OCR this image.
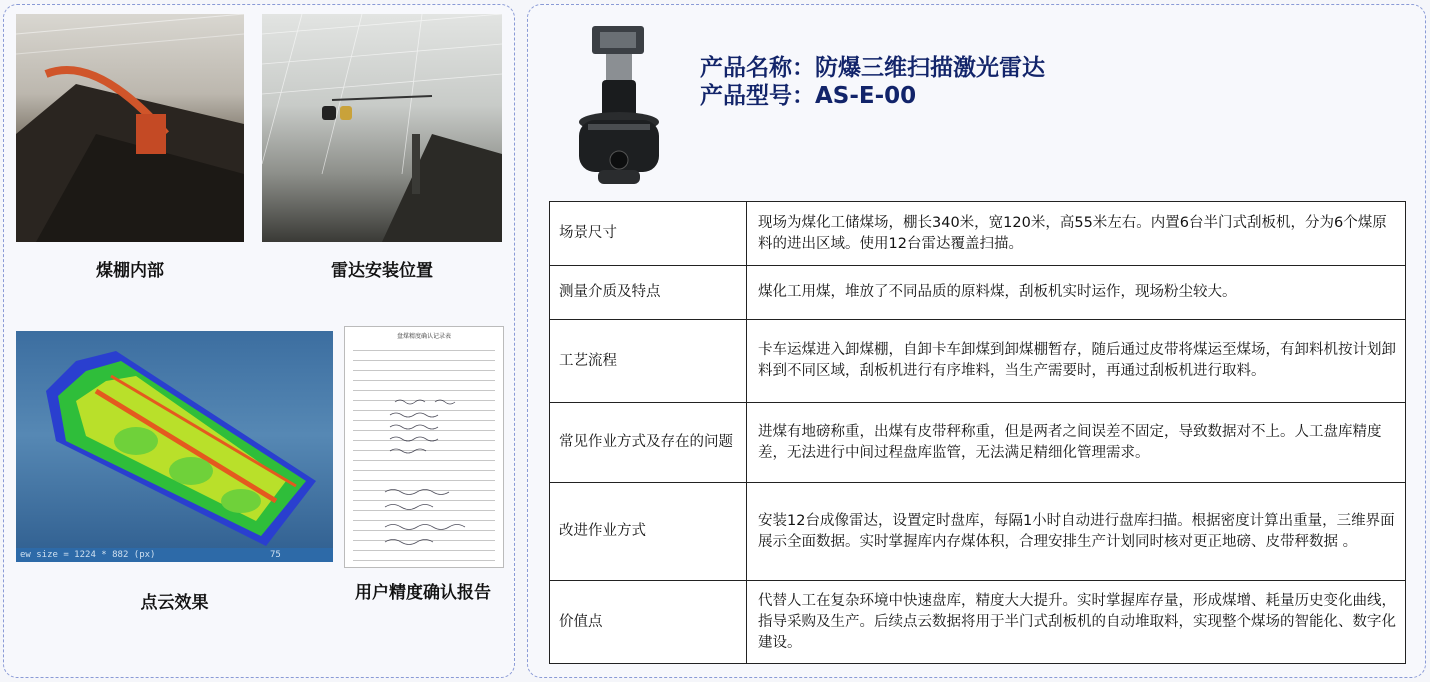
煤棚内部	雷达安装位置
ew size = 1224 * 882 (px)	75
点云效果
盘煤精度确认记录表
用户精度确认报告
产品名称：防爆三维扫描激光雷达
产品型号：AS-E-00
场景尺寸	现场为煤化工储煤场，棚长340米，宽120米，高55米左右。内置6台半门式刮板机，分为6个煤原料的进出区域。使用12台雷达覆盖扫描。
测量介质及特点	煤化工用煤，堆放了不同品质的原料煤，刮板机实时运作，现场粉尘较大。
工艺流程	卡车运煤进入卸煤棚，自卸卡车卸煤到卸煤棚暂存，随后通过皮带将煤运至煤场，有卸料机按计划卸料到不同区域，刮板机进行有序堆料，当生产需要时，再通过刮板机进行取料。
常见作业方式及存在的问题	进煤有地磅称重，出煤有皮带秤称重，但是两者之间误差不固定，导致数据对不上。人工盘库精度差，无法进行中间过程盘库监管，无法满足精细化管理需求。
改进作业方式	安装12台成像雷达，设置定时盘库，每隔1小时自动进行盘库扫描。根据密度计算出重量，三维界面展示全面数据。实时掌握库内存煤体积，合理安排生产计划同时核对更正地磅、皮带秤数据 。
价值点	代替人工在复杂环境中快速盘库，精度大大提升。实时掌握库存量，形成煤增、耗量历史变化曲线，指导采购及生产。后续点云数据将用于半门式刮板机的自动堆取料，实现整个煤场的智能化、数字化建设。
